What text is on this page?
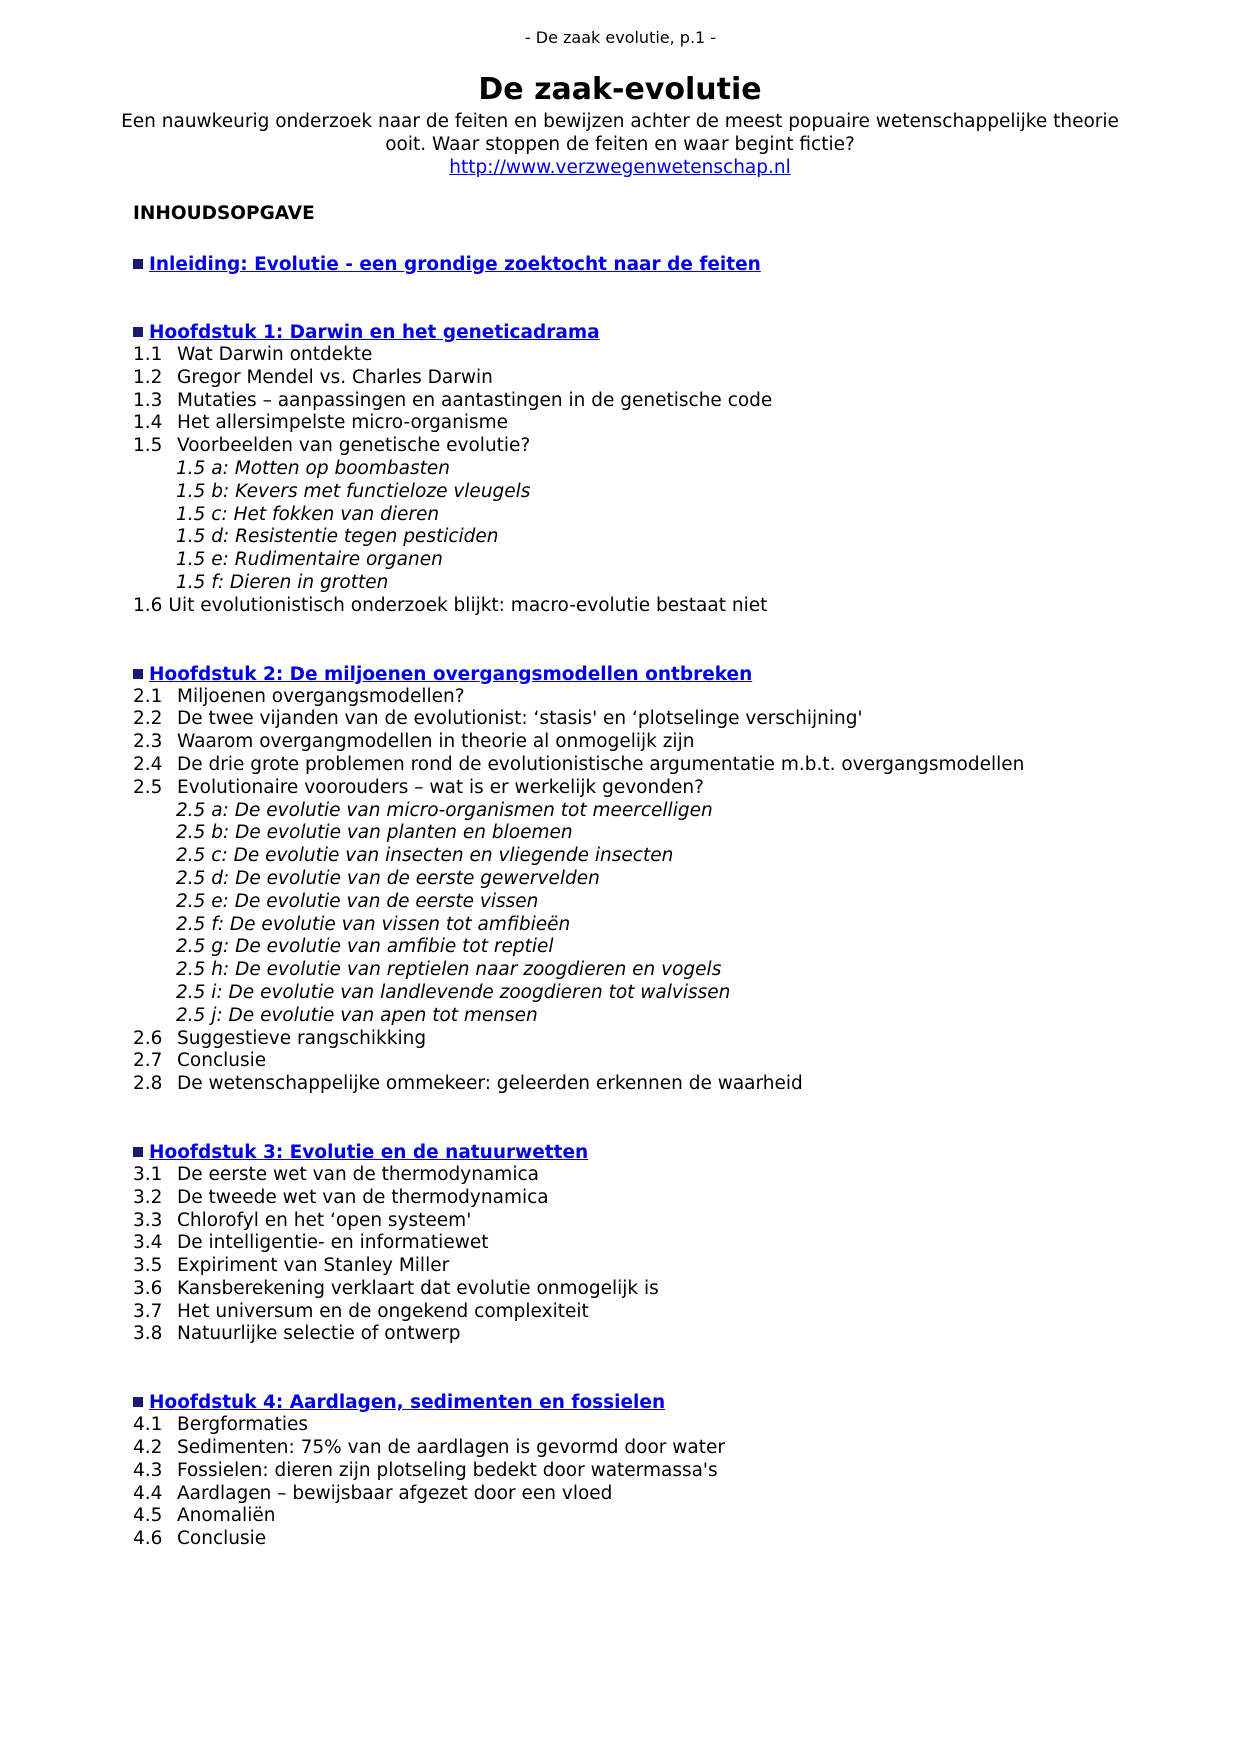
- De zaak evolutie, p.1 -
De zaak-evolutie

Een nauwkeurig onderzoek naar de feiten en bewijzen achter de meest popuaire wetenschappelijke theorie ooit. Waar stoppen de feiten en waar begint fictie?

http://www.verzwegenwetenschap.nl
INHOUDSOPGAVE
Inleiding: Evolutie - een grondige zoektocht naar de feiten
Hoofdstuk 1: Darwin en het geneticadrama
1.1 Wat Darwin ontdekte
1.2 Gregor Mendel vs. Charles Darwin
1.3 Mutaties – aanpassingen en aantastingen in de genetische code
1.4 Het allersimpelste micro-organisme
1.5 Voorbeelden van genetische evolutie?
1.5 a: Motten op boombasten
1.5 b: Kevers met functieloze vleugels
1.5 c: Het fokken van dieren
1.5 d: Resistentie tegen pesticiden
1.5 e: Rudimentaire organen
1.5 f: Dieren in grotten
1.6 Uit evolutionistisch onderzoek blijkt: macro-evolutie bestaat niet
Hoofdstuk 2: De miljoenen overgangsmodellen ontbreken
2.1 Miljoenen overgangsmodellen?
2.2 De twee vijanden van de evolutionist: ‘stasis' en ‘plotselinge verschijning'
2.3 Waarom overgangmodellen in theorie al onmogelijk zijn
2.4 De drie grote problemen rond de evolutionistische argumentatie m.b.t. overgangsmodellen
2.5 Evolutionaire voorouders – wat is er werkelijk gevonden?
2.5 a: De evolutie van micro-organismen tot meercelligen
2.5 b: De evolutie van planten en bloemen
2.5 c: De evolutie van insecten en vliegende insecten
2.5 d: De evolutie van de eerste gewervelden
2.5 e: De evolutie van de eerste vissen
2.5 f: De evolutie van vissen tot amfibieën
2.5 g: De evolutie van amfibie tot reptiel
2.5 h: De evolutie van reptielen naar zoogdieren en vogels
2.5 i: De evolutie van landlevende zoogdieren tot walvissen
2.5 j: De evolutie van apen tot mensen
2.6 Suggestieve rangschikking
2.7 Conclusie
2.8 De wetenschappelijke ommekeer: geleerden erkennen de waarheid
Hoofdstuk 3: Evolutie en de natuurwetten
3.1 De eerste wet van de thermodynamica
3.2 De tweede wet van de thermodynamica
3.3 Chlorofyl en het ‘open systeem'
3.4 De intelligentie- en informatiewet
3.5 Expiriment van Stanley Miller
3.6 Kansberekening verklaart dat evolutie onmogelijk is
3.7 Het universum en de ongekend complexiteit
3.8 Natuurlijke selectie of ontwerp
Hoofdstuk 4: Aardlagen, sedimenten en fossielen
4.1 Bergformaties
4.2 Sedimenten: 75% van de aardlagen is gevormd door water
4.3 Fossielen: dieren zijn plotseling bedekt door watermassa's
4.4 Aardlagen – bewijsbaar afgezet door een vloed
4.5 Anomaliën
4.6 Conclusie
